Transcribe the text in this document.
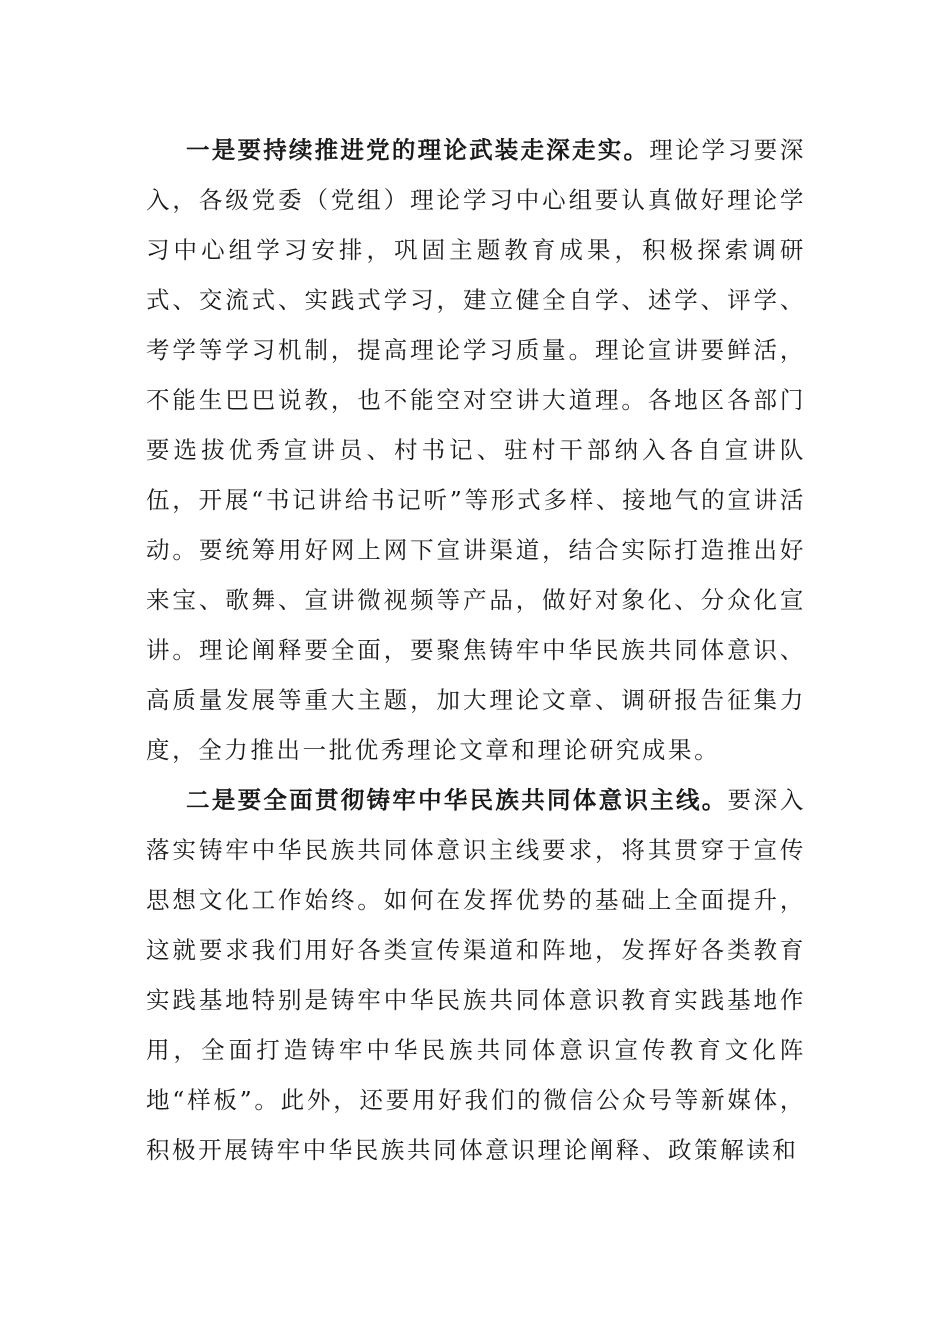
一是要持续推进党的理论武装走深走实。理论学习要深入，各级党委（党组）理论学习中心组要认真做好理论学习中心组学习安排，巩固主题教育成果，积极探索调研式、交流式、实践式学习，建立健全自学、述学、评学、考学等学习机制，提高理论学习质量。理论宣讲要鲜活，不能生巴巴说教，也不能空对空讲大道理。各地区各部门要选拔优秀宣讲员、村书记、驻村干部纳入各自宣讲队伍，开展“书记讲给书记听”等形式多样、接地气的宣讲活动。要统筹用好网上网下宣讲渠道，结合实际打造推出好来宝、歌舞、宣讲微视频等产品，做好对象化、分众化宣讲。理论阐释要全面，要聚焦铸牢中华民族共同体意识、高质量发展等重大主题，加大理论文章、调研报告征集力度，全力推出一批优秀理论文章和理论研究成果。

二是要全面贯彻铸牢中华民族共同体意识主线。要深入落实铸牢中华民族共同体意识主线要求，将其贯穿于宣传思想文化工作始终。如何在发挥优势的基础上全面提升，这就要求我们用好各类宣传渠道和阵地，发挥好各类教育实践基地特别是铸牢中华民族共同体意识教育实践基地作用，全面打造铸牢中华民族共同体意识宣传教育文化阵地“样板”。此外，还要用好我们的微信公众号等新媒体，积极开展铸牢中华民族共同体意识理论阐释、政策解读和
